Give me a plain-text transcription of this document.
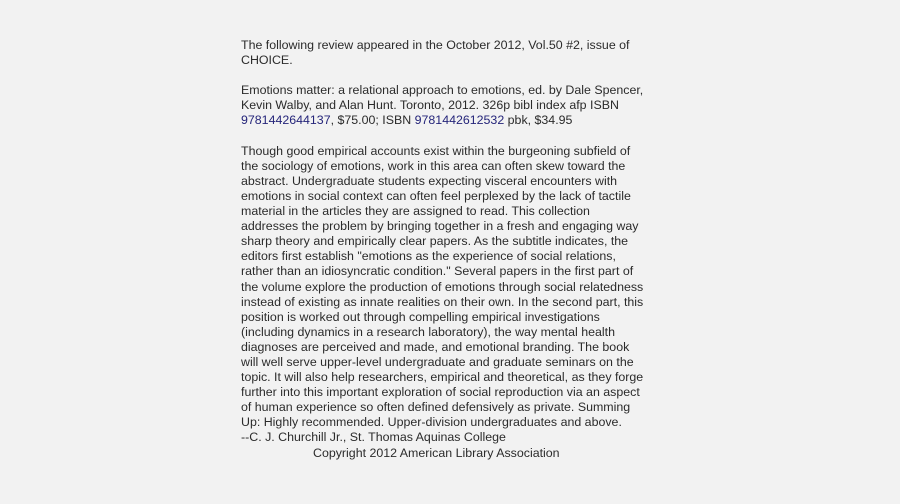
The following review appeared in the October 2012, Vol.50 #2, issue of
CHOICE.

Emotions matter: a relational approach to emotions, ed. by Dale Spencer,
Kevin Walby, and Alan Hunt. Toronto, 2012. 326p bibl index afp ISBN
9781442644137, $75.00; ISBN 9781442612532 pbk, $34.95

Though good empirical accounts exist within the burgeoning subfield of
the sociology of emotions, work in this area can often skew toward the
abstract. Undergraduate students expecting visceral encounters with
emotions in social context can often feel perplexed by the lack of tactile
material in the articles they are assigned to read. This collection
addresses the problem by bringing together in a fresh and engaging way
sharp theory and empirically clear papers. As the subtitle indicates, the
editors first establish "emotions as the experience of social relations,
rather than an idiosyncratic condition." Several papers in the first part of
the volume explore the production of emotions through social relatedness
instead of existing as innate realities on their own. In the second part, this
position is worked out through compelling empirical investigations
(including dynamics in a research laboratory), the way mental health
diagnoses are perceived and made, and emotional branding. The book
will well serve upper-level undergraduate and graduate seminars on the
topic. It will also help researchers, empirical and theoretical, as they forge
further into this important exploration of social reproduction via an aspect
of human experience so often defined defensively as private. Summing
Up: Highly recommended. Upper-division undergraduates and above.
--C. J. Churchill Jr., St. Thomas Aquinas College
Copyright 2012 American Library Association
